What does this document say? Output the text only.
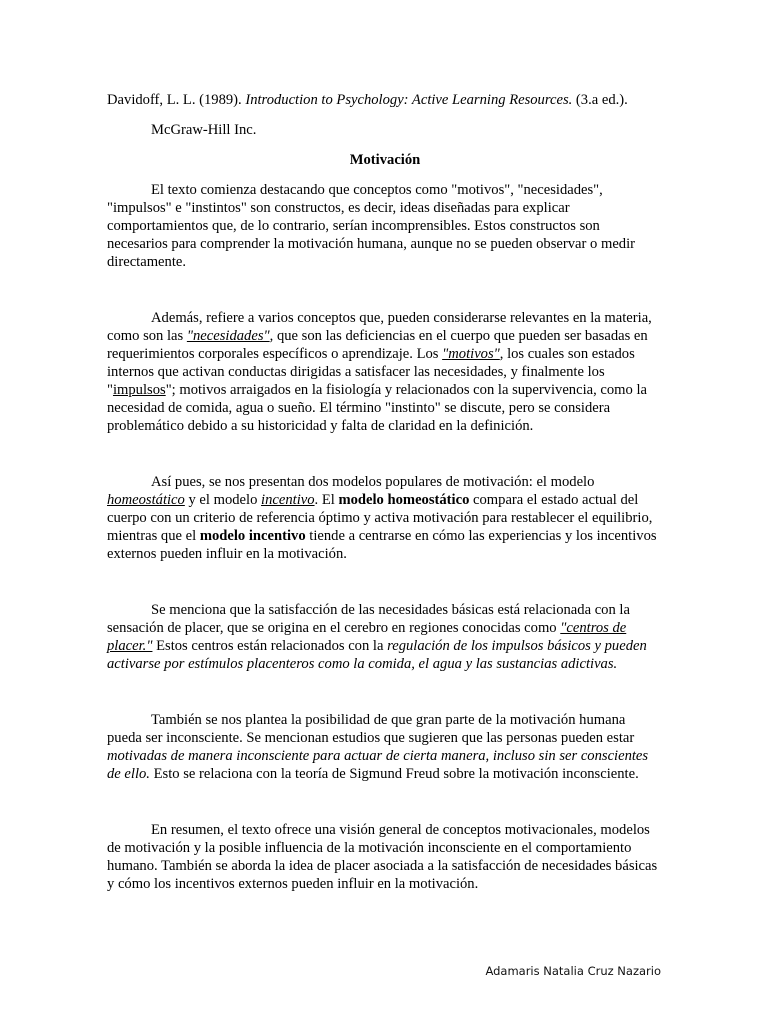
Davidoff, L. L. (1989). Introduction to Psychology: Active Learning Resources. (3.a ed.).

McGraw-Hill Inc.

Motivación

El texto comienza destacando que conceptos como "motivos", "necesidades", "impulsos" e "instintos" son constructos, es decir, ideas diseñadas para explicar comportamientos que, de lo contrario, serían incomprensibles. Estos constructos son necesarios para comprender la motivación humana, aunque no se pueden observar o medir directamente.

Además, refiere a varios conceptos que, pueden considerarse relevantes en la materia, como son las "necesidades", que son las deficiencias en el cuerpo que pueden ser basadas en requerimientos corporales específicos o aprendizaje. Los "motivos", los cuales son estados internos que activan conductas dirigidas a satisfacer las necesidades, y finalmente los "impulsos"; motivos arraigados en la fisiología y relacionados con la supervivencia, como la necesidad de comida, agua o sueño. El término "instinto" se discute, pero se considera problemático debido a su historicidad y falta de claridad en la definición.

Así pues, se nos presentan dos modelos populares de motivación: el modelo homeostático y el modelo incentivo. El modelo homeostático compara el estado actual del cuerpo con un criterio de referencia óptimo y activa motivación para restablecer el equilibrio, mientras que el modelo incentivo tiende a centrarse en cómo las experiencias y los incentivos externos pueden influir en la motivación.

Se menciona que la satisfacción de las necesidades básicas está relacionada con la sensación de placer, que se origina en el cerebro en regiones conocidas como "centros de placer." Estos centros están relacionados con la regulación de los impulsos básicos y pueden activarse por estímulos placenteros como la comida, el agua y las sustancias adictivas.

También se nos plantea la posibilidad de que gran parte de la motivación humana pueda ser inconsciente. Se mencionan estudios que sugieren que las personas pueden estar motivadas de manera inconsciente para actuar de cierta manera, incluso sin ser conscientes de ello. Esto se relaciona con la teoría de Sigmund Freud sobre la motivación inconsciente.

En resumen, el texto ofrece una visión general de conceptos motivacionales, modelos de motivación y la posible influencia de la motivación inconsciente en el comportamiento humano. También se aborda la idea de placer asociada a la satisfacción de necesidades básicas y cómo los incentivos externos pueden influir en la motivación.

Adamaris Natalia Cruz Nazario
